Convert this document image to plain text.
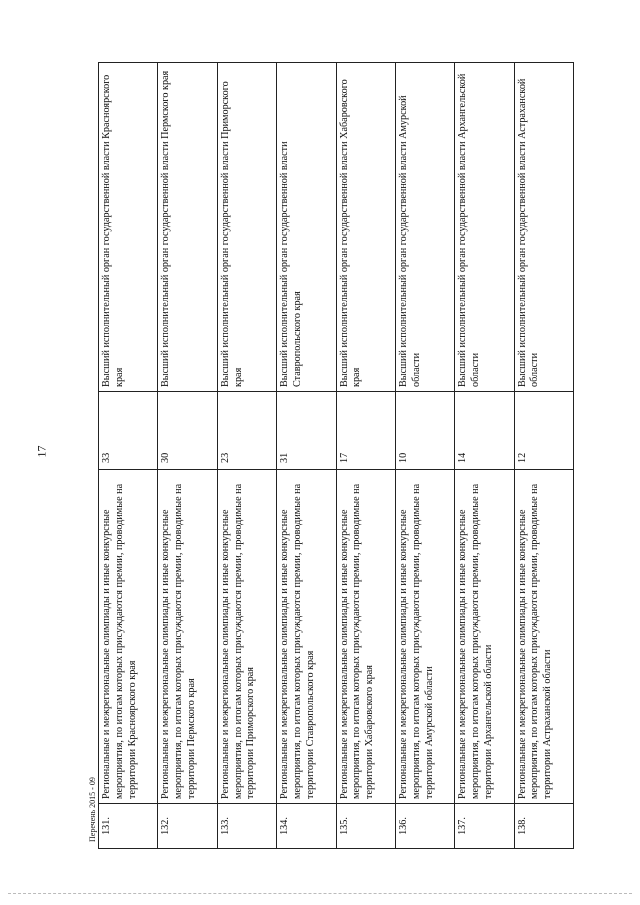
17
131.	Региональные и межрегиональные олимпиады и иные конкурсные мероприятия, по итогам которых присуждаются премии, проводимые на территории Красноярского края	33	Высший исполнительный орган государственной власти Красноярского края
132.	Региональные и межрегиональные олимпиады и иные конкурсные мероприятия, по итогам которых присуждаются премии, проводимые на территории Пермского края	30	Высший исполнительный орган государственной власти Пермского края
133.	Региональные и межрегиональные олимпиады и иные конкурсные мероприятия, по итогам которых присуждаются премии, проводимые на территории Приморского края	23	Высший исполнительный орган государственной власти Приморского края
134.	Региональные и межрегиональные олимпиады и иные конкурсные мероприятия, по итогам которых присуждаются премии, проводимые на территории Ставропольского края	31	Высший исполнительный орган государственной власти Ставропольского края
135.	Региональные и межрегиональные олимпиады и иные конкурсные мероприятия, по итогам которых присуждаются премии, проводимые на территории Хабаровского края	17	Высший исполнительный орган государственной власти Хабаровского края
136.	Региональные и межрегиональные олимпиады и иные конкурсные мероприятия, по итогам которых присуждаются премии, проводимые на территории Амурской области	10	Высший исполнительный орган государственной власти Амурской области
137.	Региональные и межрегиональные олимпиады и иные конкурсные мероприятия, по итогам которых присуждаются премии, проводимые на территории Архангельской области	14	Высший исполнительный орган государственной власти Архангельской области
138.	Региональные и межрегиональные олимпиады и иные конкурсные мероприятия, по итогам которых присуждаются премии, проводимые на территории Астраханской области	12	Высший исполнительный орган государственной власти Астраханской области
Перечень 2015 - 09
